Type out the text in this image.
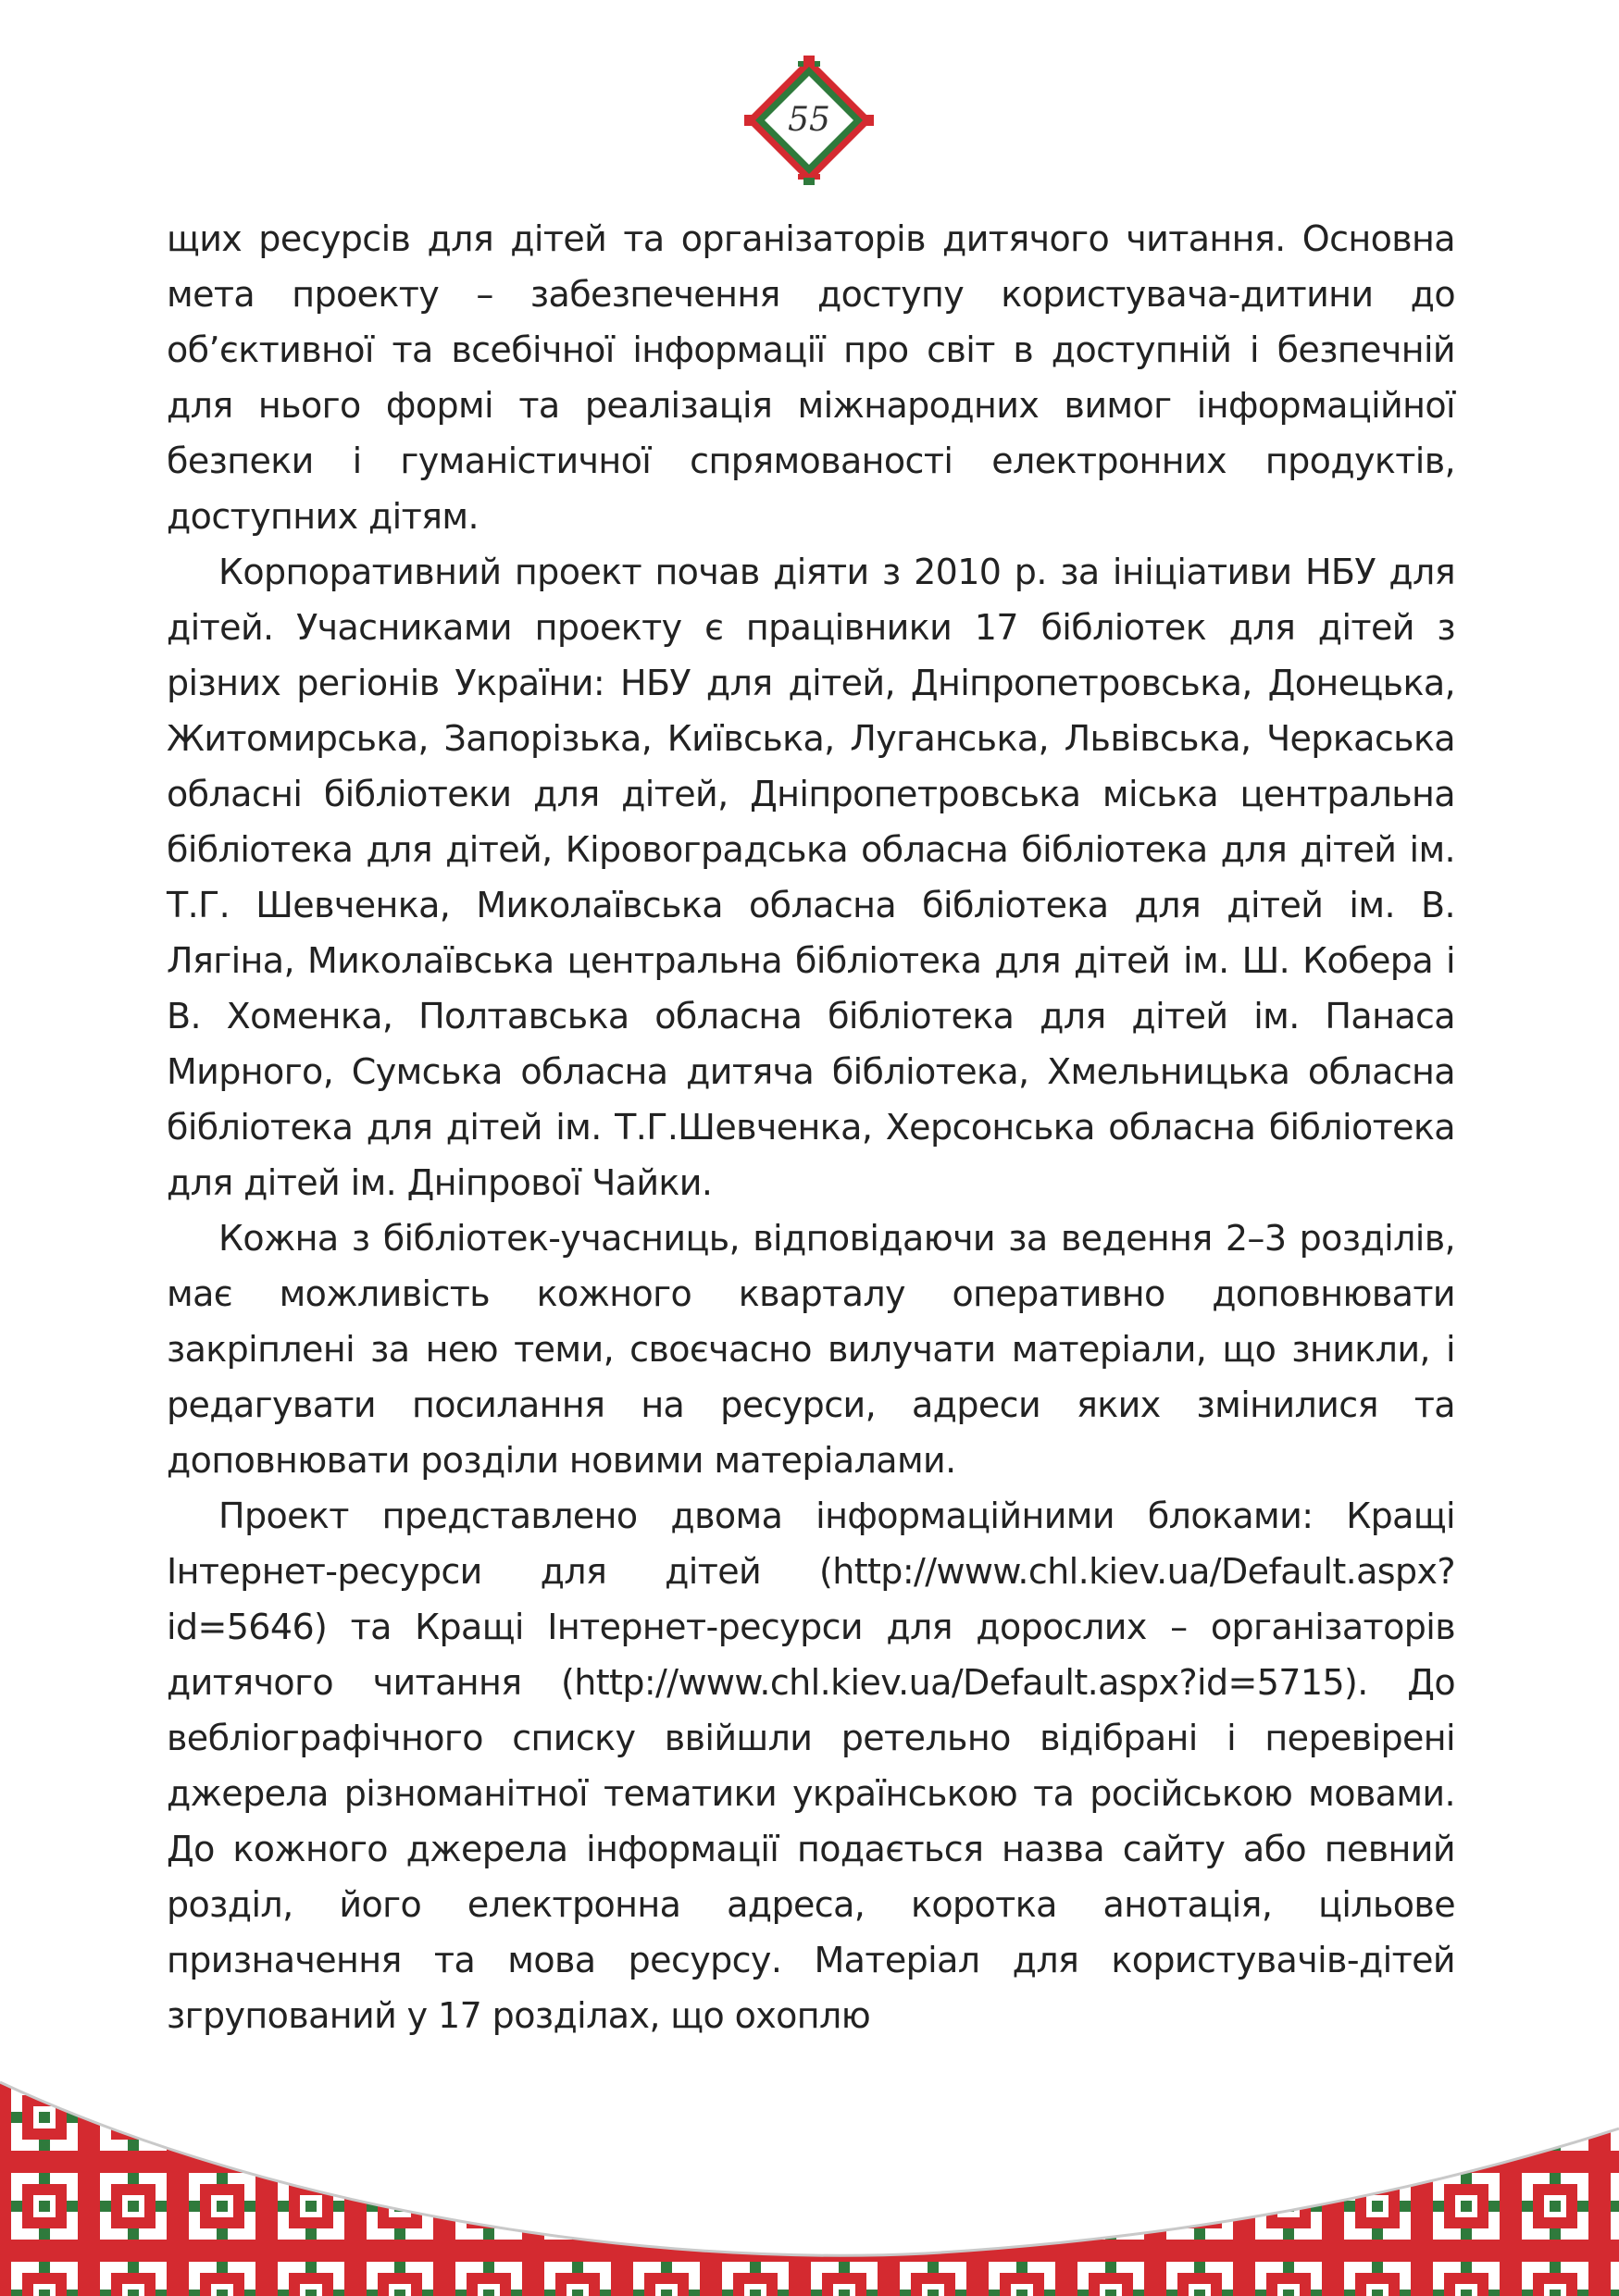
55

щих ресурсів для дітей та організаторів дитячого читання. Основна мета проекту – забезпечення доступу користувача-дитини до об’єктивної та всебічної інформації про світ в доступній і безпечній для нього формі та реалізація міжнародних вимог інформаційної безпеки і гуманістичної спрямованості електронних продуктів, доступних дітям.

Корпоративний проект почав діяти з 2010 р. за ініціативи НБУ для дітей. Учасниками проекту є працівники 17 бібліотек для дітей з різних регіонів України: НБУ для дітей, Дніпропетровська, Донецька, Житомирська, Запорізька, Київська, Луганська, Львівська, Черкаська обласні бібліотеки для дітей, Дніпропетровська міська центральна бібліотека для дітей, Кіровоградська обласна бібліотека для дітей ім. Т.Г. Шевченка, Миколаївська обласна бібліотека для дітей ім. В. Лягіна, Миколаївська центральна бібліотека для дітей ім. Ш. Кобера і В. Хоменка, Полтавська обласна бібліотека для дітей ім. Панаса Мирного, Сумська обласна дитяча бібліотека, Хмельницька обласна бібліотека для дітей ім. Т.Г.Шевченка, Херсонська обласна бібліотека для дітей ім. Дніпрової Чайки.

Кожна з бібліотек-учасниць, відповідаючи за ведення 2–3 розділів, має можливість кожного кварталу оперативно доповнювати закріплені за нею теми, своєчасно вилучати матеріали, що зникли, і редагувати посилання на ресурси, адреси яких змінилися та доповнювати розділи новими матеріалами.

Проект представлено двома інформаційними блоками: Кращі Інтернет-ресурси для дітей (http://www.chl.kiev.ua/Default.aspx?id=5646) та Кращі Інтернет-ресурси для дорослих – організаторів дитячого читання (http://www.chl.kiev.ua/Default.aspx?id=5715). До вебліографічного списку ввійшли ретельно відібрані і перевірені джерела різноманітної тематики українською та російською мовами. До кожного джерела інформації подається назва сайту або певний розділ, його електронна адреса, коротка анотація, цільове призначення та мова ресурсу. Матеріал для користувачів-дітей згрупований у 17 розділах, що охоплю
